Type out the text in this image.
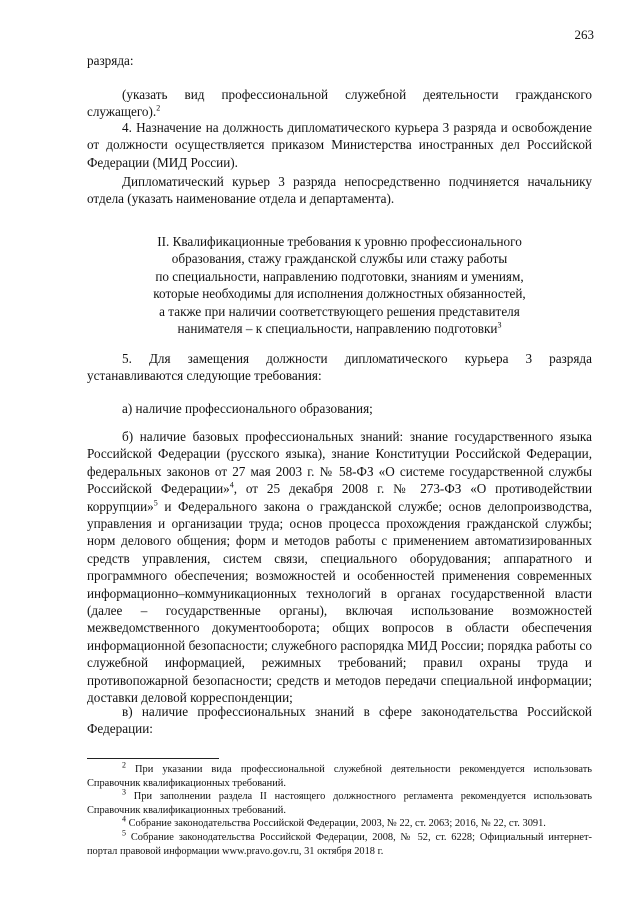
263

разряда:

(указать вид профессиональной служебной деятельности гражданского служащего).$^2$

4. Назначение на должность дипломатического курьера 3 разряда и освобождение от должности осуществляется приказом Министерства иностранных дел Российской Федерации (МИД России).

Дипломатический курьер 3 разряда непосредственно подчиняется начальнику отдела (указать наименование отдела и департамента).

II. Квалификационные требования к уровню профессионального

образования, стажу гражданской службы или стажу работы

по специальности, направлению подготовки, знаниям и умениям,

которые необходимы для исполнения должностных обязанностей,

а также при наличии соответствующего решения представителя

нанимателя – к специальности, направлению подготовки$^3$

5. Для замещения должности дипломатического курьера 3 разряда устанавливаются следующие требования:

а) наличие профессионального образования;

б) наличие базовых профессиональных знаний: знание государственного языка Российской Федерации (русского языка), знание Конституции Российской Федерации, федеральных законов от 27 мая 2003 г. № 58-ФЗ «О системе государственной службы Российской Федерации»$^4$, от 25 декабря 2008 г. № 273-ФЗ «О противодействии коррупции»$^5$ и Федерального закона о гражданской службе; основ делопроизводства, управления и организации труда; основ процесса прохождения гражданской службы; норм делового общения; форм и методов работы с применением автоматизированных средств управления, систем связи, специального оборудования; аппаратного и программного обеспечения; возможностей и особенностей применения современных информационно–коммуникационных технологий в органах государственной власти (далее – государственные органы), включая использование возможностей межведомственного документооборота; общих вопросов в области обеспечения информационной безопасности; служебного распорядка МИД России; порядка работы со служебной информацией, режимных требований; правил охраны труда и противопожарной безопасности; средств и методов передачи специальной информации; доставки деловой корреспонденции;

в) наличие профессиональных знаний в сфере законодательства Российской Федерации:

$^2$ При указании вида профессиональной служебной деятельности рекомендуется использовать Справочник квалификационных требований.

$^3$ При заполнении раздела II настоящего должностного регламента рекомендуется использовать Справочник квалификационных требований.

$^4$ Собрание законодательства Российской Федерации, 2003, № 22, ст. 2063; 2016, № 22, ст. 3091.

$^5$ Собрание законодательства Российской Федерации, 2008, № 52, ст. 6228; Официальный интернет-портал правовой информации www.pravo.gov.ru, 31 октября 2018 г.
